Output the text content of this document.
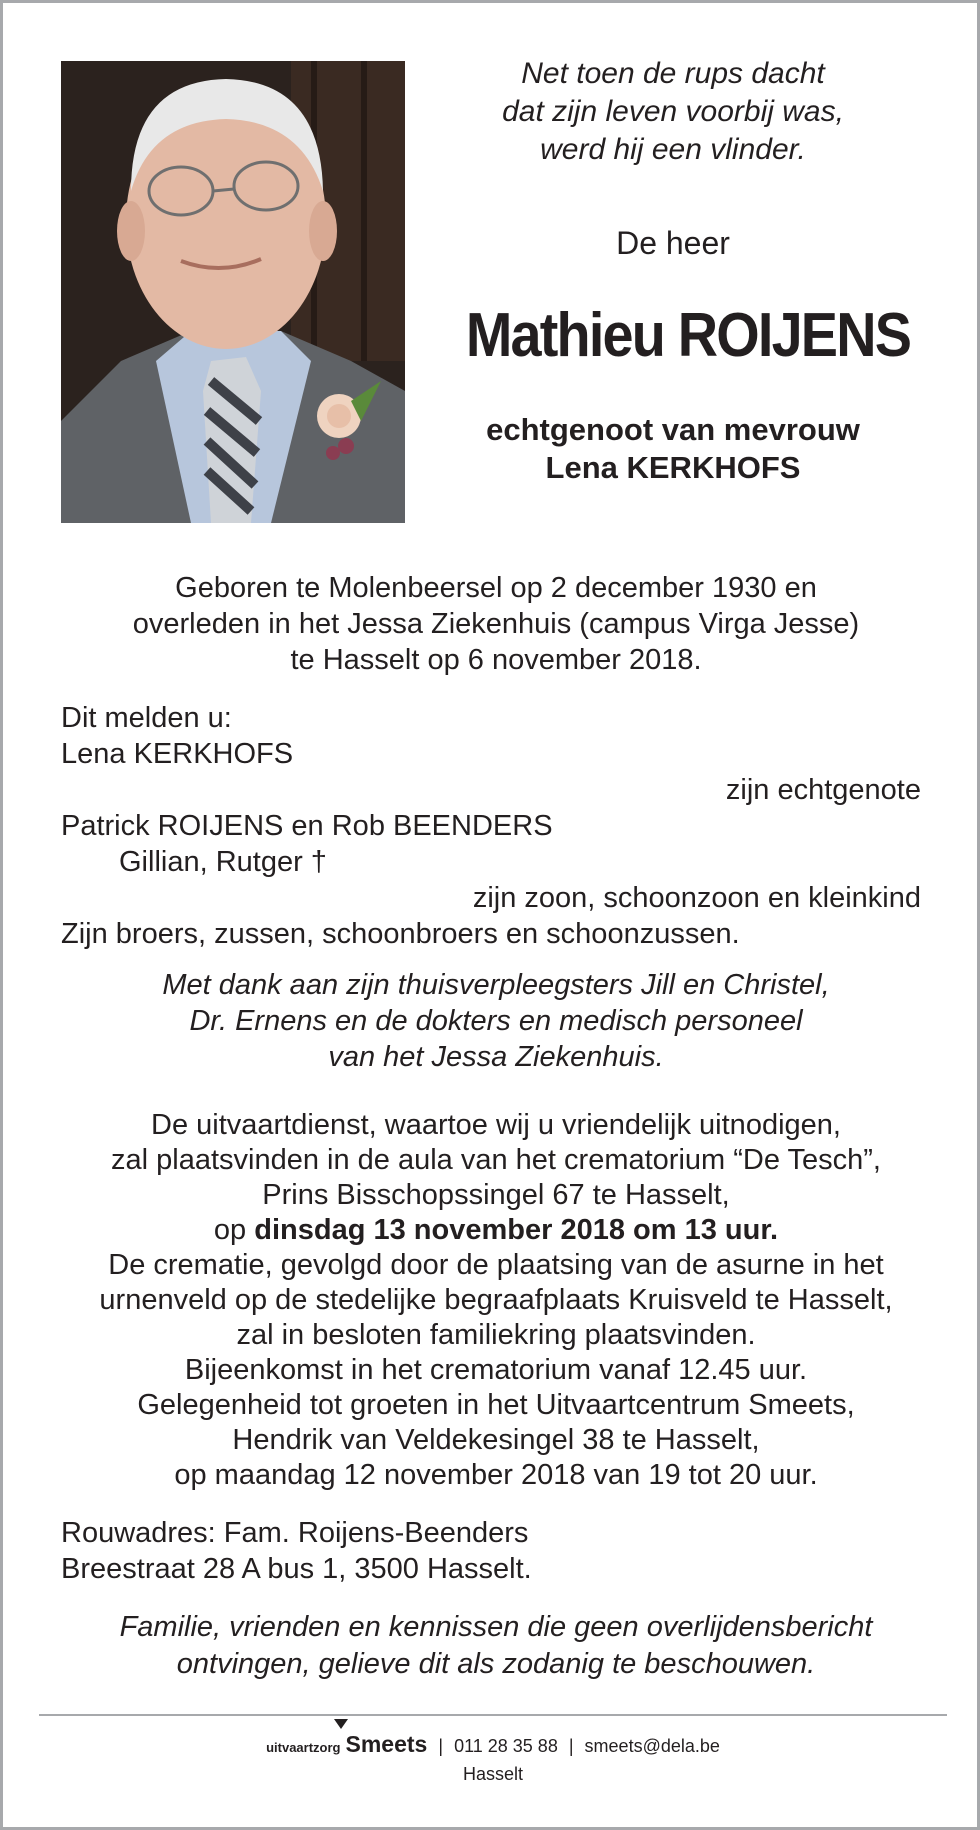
Net toen de rups dacht
dat zijn leven voorbij was,
werd hij een vlinder.
De heer
Mathieu ROIJENS
echtgenoot van mevrouw
Lena KERKHOFS
Geboren te Molenbeersel op 2 december 1930 en
overleden in het Jessa Ziekenhuis (campus Virga Jesse)
te Hasselt op 6 november 2018.
Dit melden u:
Lena KERKHOFS
zijn echtgenote
Patrick ROIJENS en Rob BEENDERS
Gillian, Rutger †
zijn zoon, schoonzoon en kleinkind
Zijn broers, zussen, schoonbroers en schoonzussen.
Met dank aan zijn thuisverpleegsters Jill en Christel,
Dr. Ernens en de dokters en medisch personeel
van het Jessa Ziekenhuis.
De uitvaartdienst, waartoe wij u vriendelijk uitnodigen,
zal plaatsvinden in de aula van het crematorium “De Tesch”,
Prins Bisschopssingel 67 te Hasselt,
op dinsdag 13 november 2018 om 13 uur.
De crematie, gevolgd door de plaatsing van de asurne in het
urnenveld op de stedelijke begraafplaats Kruisveld te Hasselt,
zal in besloten familiekring plaatsvinden.
Bijeenkomst in het crematorium vanaf 12.45 uur.
Gelegenheid tot groeten in het Uitvaartcentrum Smeets,
Hendrik van Veldekesingel 38 te Hasselt,
op maandag 12 november 2018 van 19 tot 20 uur.
Rouwadres: Fam. Roijens-Beenders
Breestraat 28 A bus 1, 3500 Hasselt.
Familie, vrienden en kennissen die geen overlijdensbericht
ontvingen, gelieve dit als zodanig te beschouwen.
uitvaartzorg Smeets | 011 28 35 88 | smeets@dela.be
Hasselt
